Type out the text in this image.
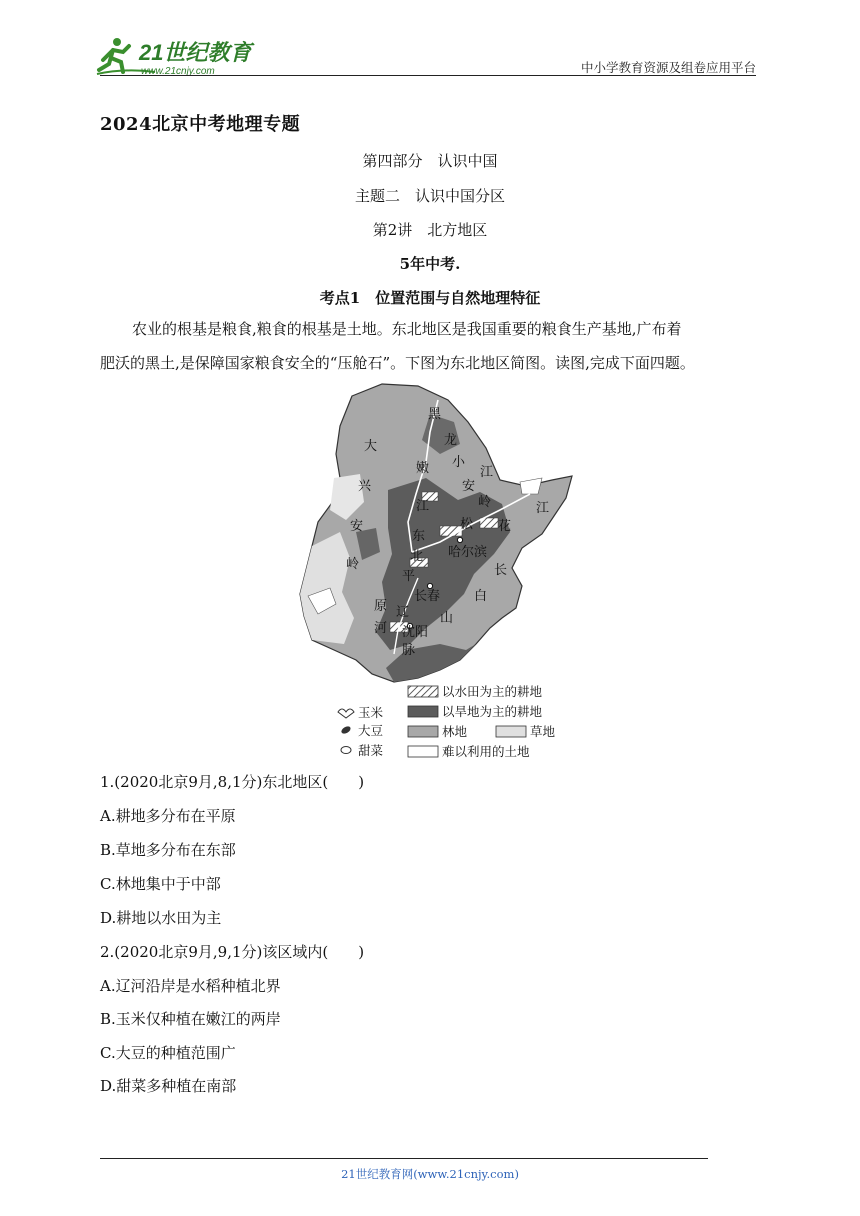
21世纪教育
www.21cnjy.com	中小学教育资源及组卷应用平台
2024北京中考地理专题
第四部分　认识中国
主题二　认识中国分区
第2讲　北方地区
5年中考.
考点1　位置范围与自然地理特征
农业的根基是粮食,粮食的根基是土地。东北地区是我国重要的粮食生产基地,广布着
肥沃的黑土,是保障国家粮食安全的“压舱石”。下图为东北地区简图。读图,完成下面四题。
黑
龙
大
小
嫩
安
江
兴
岭
江	江
安
东
松 花
北 哈尔滨
岭	长
平
长春	白
原 辽
河 沈阳
山
脉
以水田为主的耕地
玉米	以旱地为主的耕地
大豆	林地	草地
甜菜	难以利用的土地
1.(2020北京9月,8,1分)东北地区(　　)
A.耕地多分布在平原
B.草地多分布在东部
C.林地集中于中部
D.耕地以水田为主
2.(2020北京9月,9,1分)该区域内(　　)
A.辽河沿岸是水稻种植北界
B.玉米仅种植在嫩江的两岸
C.大豆的种植范围广
D.甜菜多种植在南部
21世纪教育网(www.21cnjy.com)
